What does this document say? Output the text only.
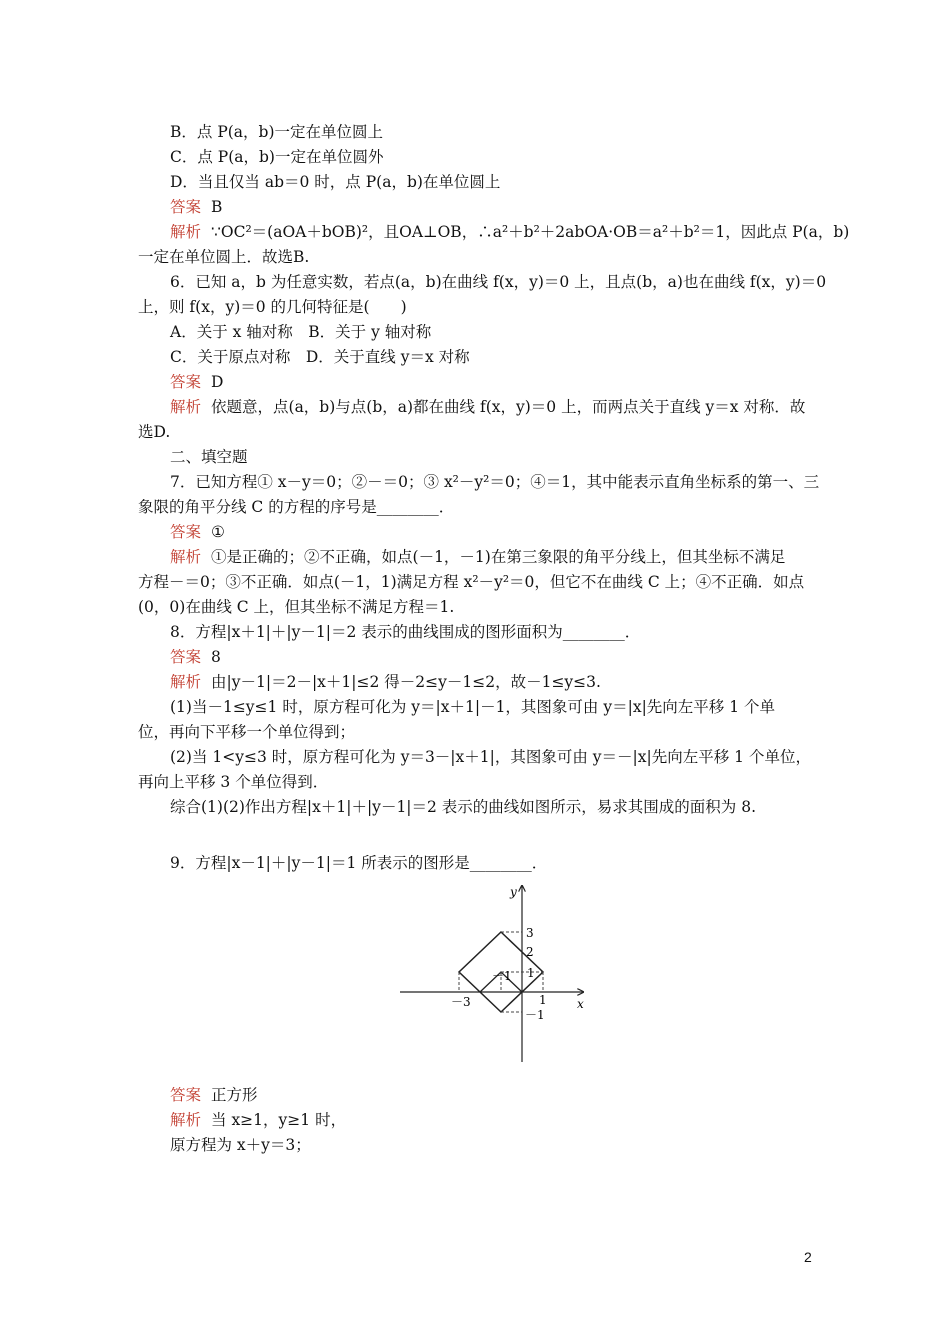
B．点 P(a，b)一定在单位圆上
C．点 P(a，b)一定在单位圆外
D．当且仅当 ab＝0 时，点 P(a，b)在单位圆上
答案 B
解析 ∵OC²＝(aOA＋bOB)²，且OA⊥OB，∴a²＋b²＋2abOA·OB＝a²＋b²＝1，因此点 P(a，b)
一定在单位圆上．故选B.
6．已知 a，b 为任意实数，若点(a，b)在曲线 f(x，y)＝0 上，且点(b，a)也在曲线 f(x，y)＝0
上，则 f(x，y)＝0 的几何特征是(　　)
A．关于 x 轴对称　B．关于 y 轴对称
C．关于原点对称　D．关于直线 y＝x 对称
答案 D
解析 依题意，点(a，b)与点(b，a)都在曲线 f(x，y)＝0 上，而两点关于直线 y＝x 对称．故
选D.
二、填空题
7．已知方程① x－y＝0；②－＝0；③ x²－y²＝0；④＝1，其中能表示直角坐标系的第一、三
象限的角平分线 C 的方程的序号是________．
答案 ①
解析 ①是正确的；②不正确，如点(－1，－1)在第三象限的角平分线上，但其坐标不满足
方程－＝0；③不正确．如点(－1，1)满足方程 x²－y²＝0，但它不在曲线 C 上；④不正确．如点
(0，0)在曲线 C 上，但其坐标不满足方程＝1.
8．方程|x＋1|＋|y－1|＝2 表示的曲线围成的图形面积为________．
答案 8
解析 由|y－1|＝2－|x＋1|≤2 得－2≤y－1≤2，故－1≤y≤3.
(1)当－1≤y≤1 时，原方程可化为 y＝|x＋1|－1，其图象可由 y＝|x|先向左平移 1 个单
位，再向下平移一个单位得到；
(2)当 1<y≤3 时，原方程可化为 y＝3－|x＋1|，其图象可由 y＝－|x|先向左平移 1 个单位，
再向上平移 3 个单位得到．
综合(1)(2)作出方程|x＋1|＋|y－1|＝2 表示的曲线如图所示，易求其围成的面积为 8.
9．方程|x－1|＋|y－1|＝1 所表示的图形是________．
y
x
3
2
1
－1
－3
－1
1
答案 正方形
解析 当 x≥1，y≥1 时，
原方程为 x＋y＝3；
2
